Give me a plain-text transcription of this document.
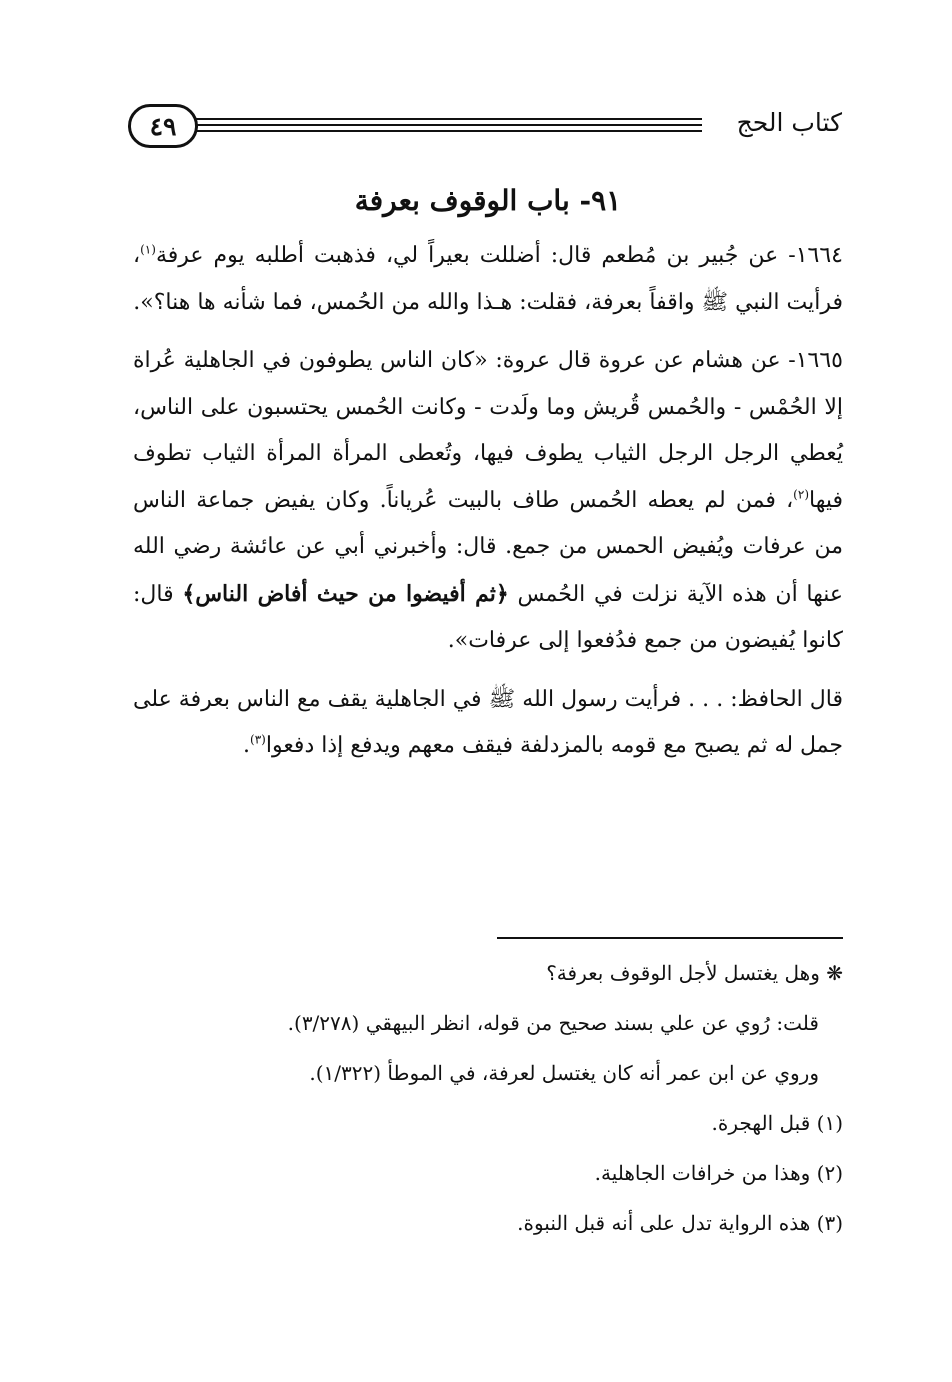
٤٩	كتاب الحج
٩١- باب الوقوف بعرفة

١٦٦٤- عن جُبير بن مُطعم قال: أضللت بعيراً لي، فذهبت أطلبه يوم عرفة$^{(١)}$، فرأيت النبي ﷺ واقفاً بعرفة، فقلت: هـذا والله من الحُمس، فما شأنه ها هنا؟».

١٦٦٥- عن هشام عن عروة قال عروة: «كان الناس يطوفون في الجاهلية عُراة إلا الحُمْس - والحُمس قُريش وما ولَدت - وكانت الحُمس يحتسبون على الناس، يُعطي الرجل الرجل الثياب يطوف فيها، وتُعطى المرأة المرأة الثياب تطوف فيها$^{(٢)}$، فمن لم يعطه الحُمس طاف بالبيت عُرياناً. وكان يفيض جماعة الناس من عرفات ويُفيض الحمس من جمع. قال: وأخبرني أبي عن عائشة رضي الله عنها أن هذه الآية نزلت في الحُمس ﴿ثم أفيضوا من حيث أفاض الناس﴾ قال: كانوا يُفيضون من جمع فدُفعوا إلى عرفات».

قال الحافظ: . . . فرأيت رسول الله ﷺ في الجاهلية يقف مع الناس بعرفة على جمل له ثم يصبح مع قومه بالمزدلفة فيقف معهم ويدفع إذا دفعوا$^{(٣)}$.

❋ وهل يغتسل لأجل الوقوف بعرفة؟
قلت: رُوي عن علي بسند صحيح من قوله، انظر البيهقي (٣/٢٧٨).
وروي عن ابن عمر أنه كان يغتسل لعرفة، في الموطأ (١/٣٢٢).
(١) قبل الهجرة.
(٢) وهذا من خرافات الجاهلية.
(٣) هذه الرواية تدل على أنه قبل النبوة.
